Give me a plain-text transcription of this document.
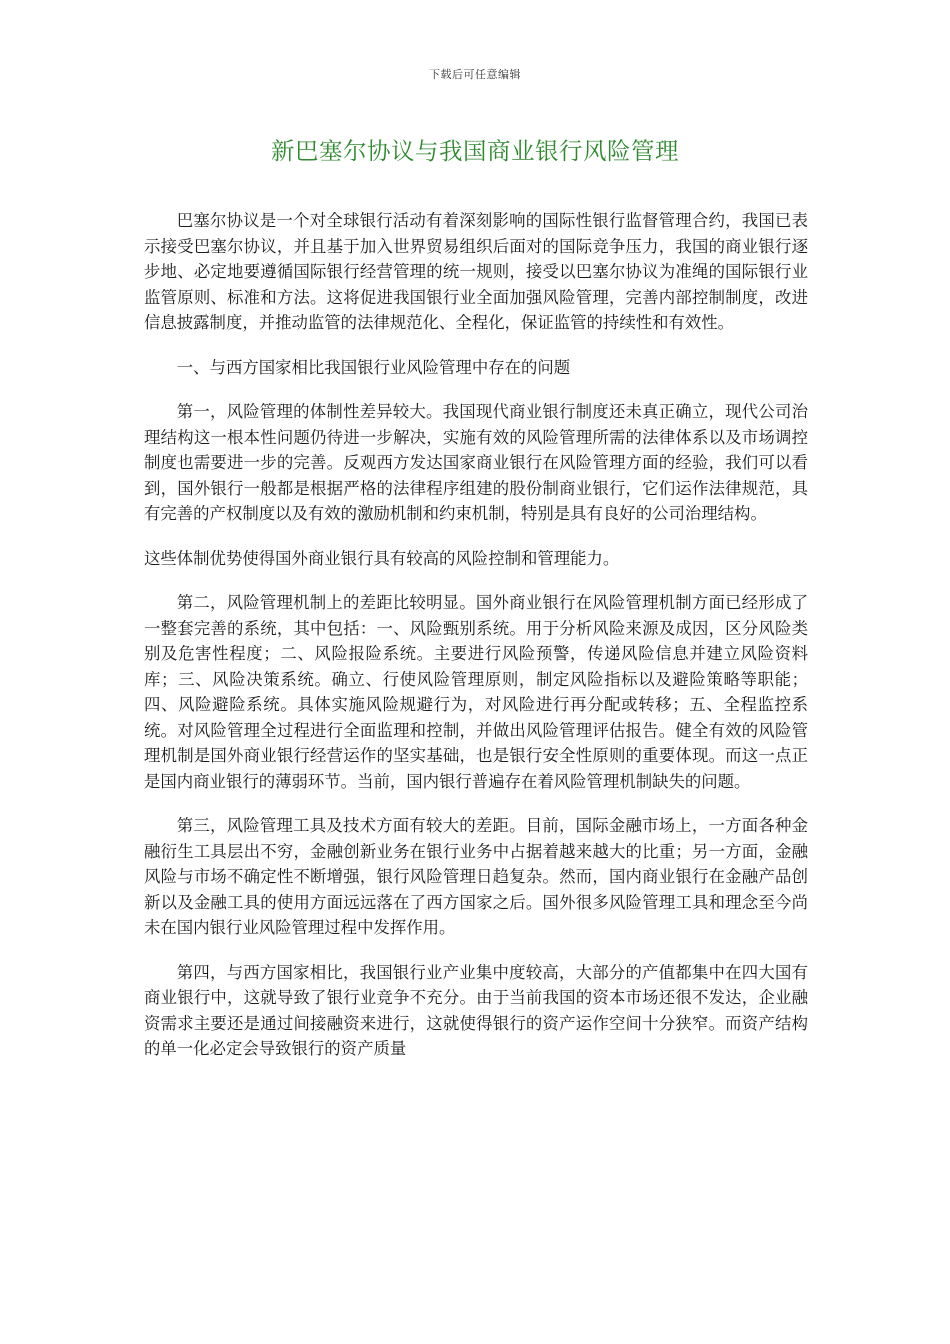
下载后可任意编辑
新巴塞尔协议与我国商业银行风险管理

巴塞尔协议是一个对全球银行活动有着深刻影响的国际性银行监督管理合约，我国已表示接受巴塞尔协议，并且基于加入世界贸易组织后面对的国际竞争压力，我国的商业银行逐步地、必定地要遵循国际银行经营管理的统一规则，接受以巴塞尔协议为准绳的国际银行业监管原则、标准和方法。这将促进我国银行业全面加强风险管理，完善内部控制制度，改进信息披露制度，并推动监管的法律规范化、全程化，保证监管的持续性和有效性。

一、与西方国家相比我国银行业风险管理中存在的问题

第一，风险管理的体制性差异较大。我国现代商业银行制度还未真正确立，现代公司治理结构这一根本性问题仍待进一步解决，实施有效的风险管理所需的法律体系以及市场调控制度也需要进一步的完善。反观西方发达国家商业银行在风险管理方面的经验，我们可以看到，国外银行一般都是根据严格的法律程序组建的股份制商业银行，它们运作法律规范，具有完善的产权制度以及有效的激励机制和约束机制，特别是具有良好的公司治理结构。

这些体制优势使得国外商业银行具有较高的风险控制和管理能力。

第二，风险管理机制上的差距比较明显。国外商业银行在风险管理机制方面已经形成了一整套完善的系统，其中包括：一、风险甄别系统。用于分析风险来源及成因，区分风险类别及危害性程度；二、风险报险系统。主要进行风险预警，传递风险信息并建立风险资料库；三、风险决策系统。确立、行使风险管理原则，制定风险指标以及避险策略等职能；四、风险避险系统。具体实施风险规避行为，对风险进行再分配或转移；五、全程监控系统。对风险管理全过程进行全面监理和控制，并做出风险管理评估报告。健全有效的风险管理机制是国外商业银行经营运作的坚实基础，也是银行安全性原则的重要体现。而这一点正是国内商业银行的薄弱环节。当前，国内银行普遍存在着风险管理机制缺失的问题。

第三，风险管理工具及技术方面有较大的差距。目前，国际金融市场上，一方面各种金融衍生工具层出不穷，金融创新业务在银行业务中占据着越来越大的比重；另一方面，金融风险与市场不确定性不断增强，银行风险管理日趋复杂。然而，国内商业银行在金融产品创新以及金融工具的使用方面远远落在了西方国家之后。国外很多风险管理工具和理念至今尚未在国内银行业风险管理过程中发挥作用。

第四，与西方国家相比，我国银行业产业集中度较高，大部分的产值都集中在四大国有商业银行中，这就导致了银行业竞争不充分。由于当前我国的资本市场还很不发达，企业融资需求主要还是通过间接融资来进行，这就使得银行的资产运作空间十分狭窄。而资产结构的单一化必定会导致银行的资产质量
